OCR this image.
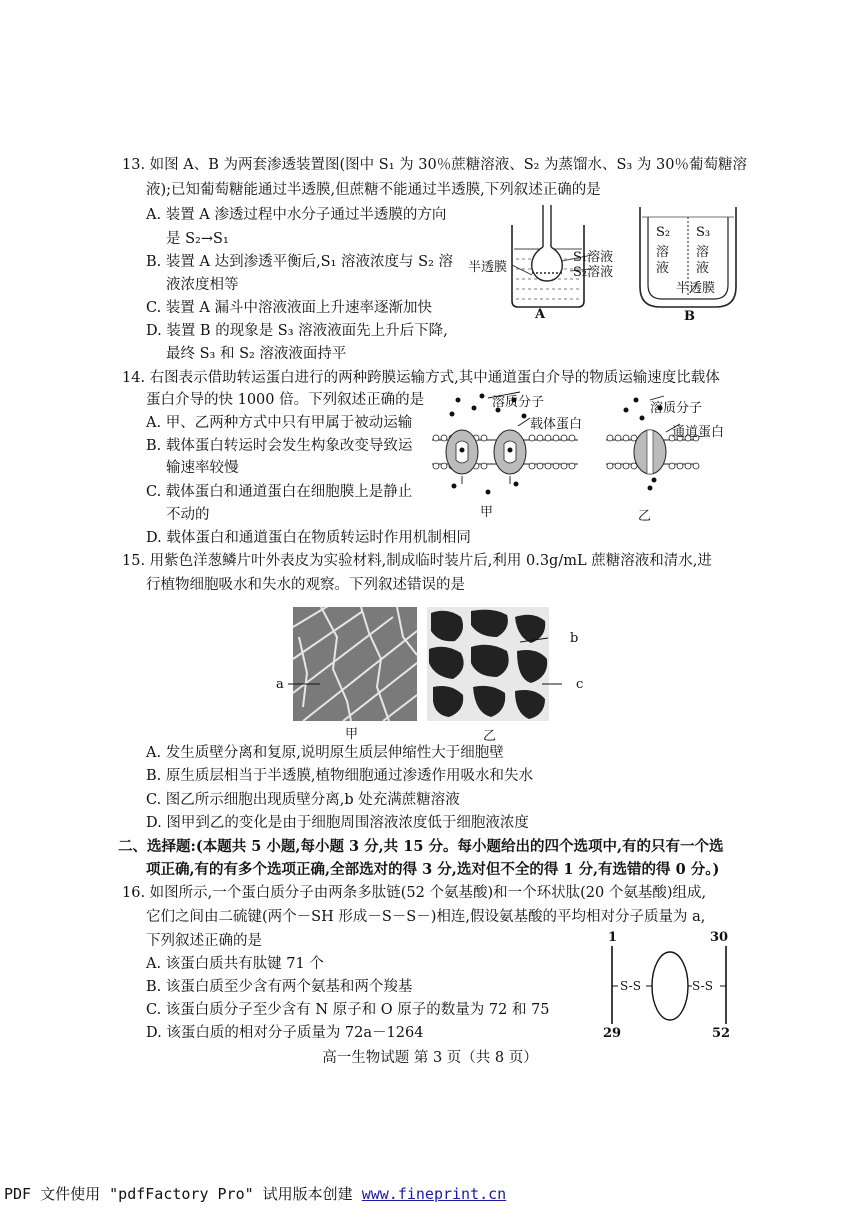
13. 如图 A、B 为两套渗透装置图(图中 S₁ 为 30％蔗糖溶液、S₂ 为蒸馏水、S₃ 为 30％葡萄糖溶
液);已知葡萄糖能通过半透膜,但蔗糖不能通过半透膜,下列叙述正确的是
A. 装置 A 渗透过程中水分子通过半透膜的方向
是 S₂→S₁
B. 装置 A 达到渗透平衡后,S₁ 溶液浓度与 S₂ 溶
液浓度相等
C. 装置 A 漏斗中溶液液面上升速率逐渐加快
D. 装置 B 的现象是 S₃ 溶液液面先上升后下降,
最终 S₃ 和 S₂ 溶液液面持平
S₁溶液
S₂溶液
半透膜
A
S₂
溶
液
S₃
溶
液
半透膜
B
14. 右图表示借助转运蛋白进行的两种跨膜运输方式,其中通道蛋白介导的物质运输速度比载体
蛋白介导的快 1000 倍。下列叙述正确的是
A. 甲、乙两种方式中只有甲属于被动运输
B. 载体蛋白转运时会发生构象改变导致运
输速率较慢
C. 载体蛋白和通道蛋白在细胞膜上是静止
不动的
D. 载体蛋白和通道蛋白在物质转运时作用机制相同
溶质分子
载体蛋白
溶质分子
通道蛋白
甲	乙
15. 用紫色洋葱鳞片叶外表皮为实验材料,制成临时装片后,利用 0.3g/mL 蔗糖溶液和清水,进
行植物细胞吸水和失水的观察。下列叙述错误的是
a
b
c
甲	乙
A. 发生质壁分离和复原,说明原生质层伸缩性大于细胞壁
B. 原生质层相当于半透膜,植物细胞通过渗透作用吸水和失水
C. 图乙所示细胞出现质壁分离,b 处充满蔗糖溶液
D. 图甲到乙的变化是由于细胞周围溶液浓度低于细胞液浓度
二、选择题:(本题共 5 小题,每小题 3 分,共 15 分。每小题给出的四个选项中,有的只有一个选
项正确,有的有多个选项正确,全部选对的得 3 分,选对但不全的得 1 分,有选错的得 0 分。)
16. 如图所示,一个蛋白质分子由两条多肽链(52 个氨基酸)和一个环状肽(20 个氨基酸)组成,
它们之间由二硫键(两个－SH 形成－S－S－)相连,假设氨基酸的平均相对分子质量为 a,
下列叙述正确的是
A. 该蛋白质共有肽键 71 个
B. 该蛋白质至少含有两个氨基和两个羧基
C. 该蛋白质分子至少含有 N 原子和 O 原子的数量为 72 和 75
D. 该蛋白质的相对分子质量为 72a－1264
1	30
29	52
S-S	S-S
高一生物试题 第 3 页（共 8 页）
PDF 文件使用 "pdfFactory Pro" 试用版本创建 www.fineprint.cn
